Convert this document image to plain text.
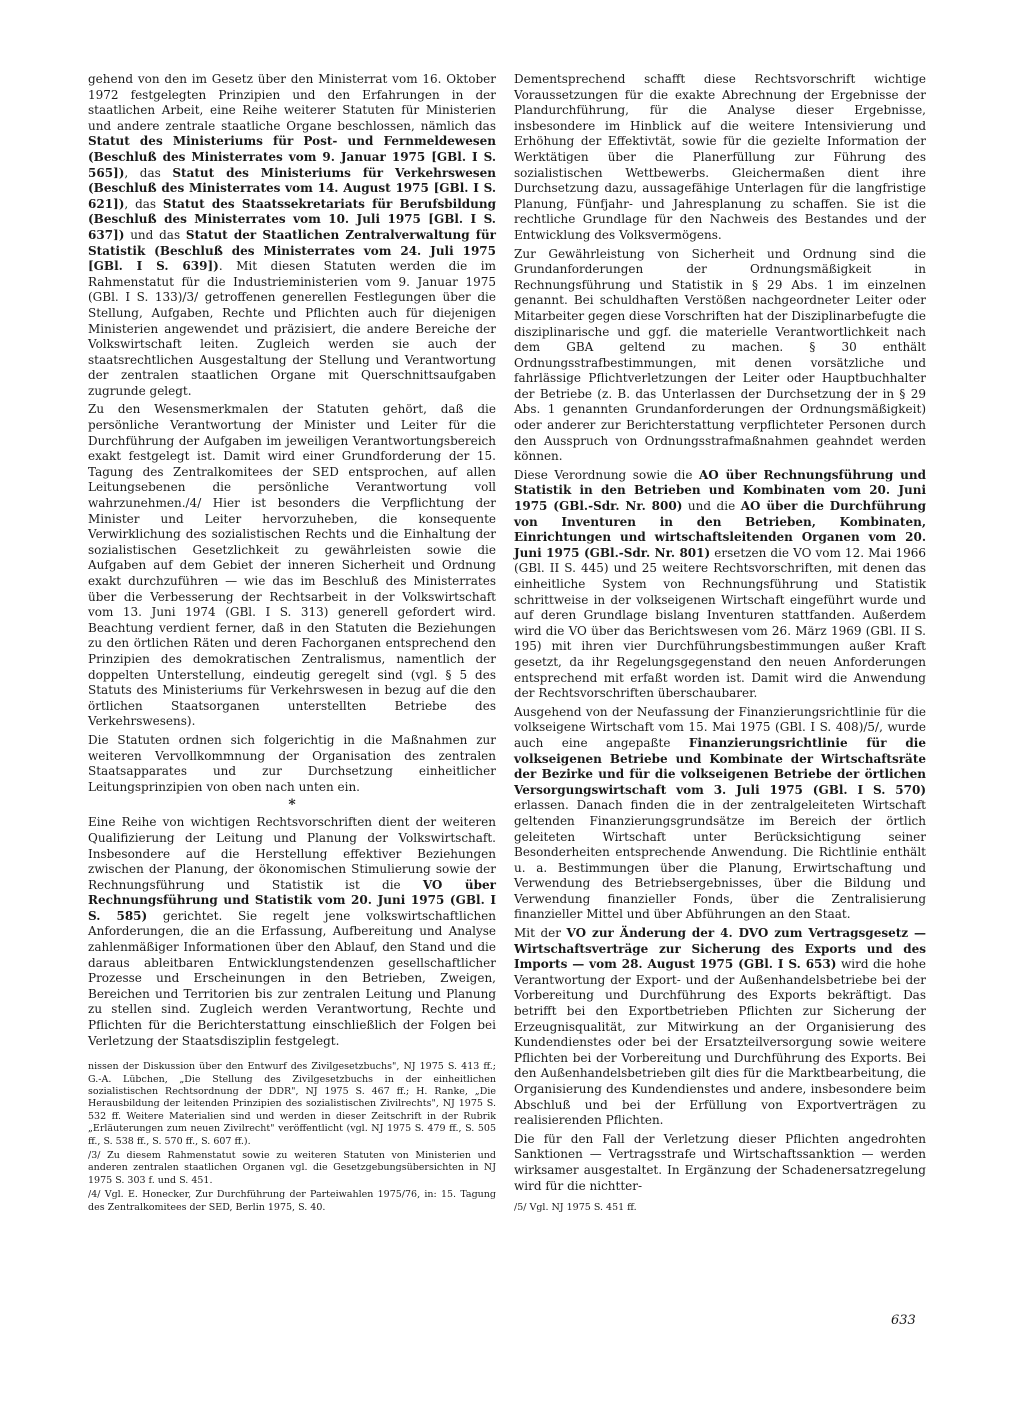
gehend von den im Gesetz über den Ministerrat vom 16. Oktober 1972 festgelegten Prinzipien und den Erfahrungen in der staatlichen Arbeit, eine Reihe weiterer Statuten für Ministerien und andere zentrale staatliche Organe beschlossen, nämlich das Statut des Ministeriums für Post- und Fernmeldewesen (Beschluß des Ministerrates vom 9. Januar 1975 [GBl. I S. 565]), das Statut des Ministeriums für Verkehrswesen (Beschluß des Ministerrates vom 14. August 1975 [GBl. I S. 621]), das Statut des Staatssekretariats für Berufsbildung (Beschluß des Ministerrates vom 10. Juli 1975 [GBl. I S. 637]) und das Statut der Staatlichen Zentralverwaltung für Statistik (Beschluß des Ministerrates vom 24. Juli 1975 [GBl. I S. 639]). Mit diesen Statuten werden die im Rahmenstatut für die Industrieministerien vom 9. Januar 1975 (GBl. I S. 133)/3/ getroffenen generellen Festlegungen über die Stellung, Aufgaben, Rechte und Pflichten auch für diejenigen Ministerien angewendet und präzisiert, die andere Bereiche der Volkswirtschaft leiten. Zugleich werden sie auch der staatsrechtlichen Ausgestaltung der Stellung und Verantwortung der zentralen staatlichen Organe mit Querschnittsaufgaben zugrunde gelegt.

Zu den Wesensmerkmalen der Statuten gehört, daß die persönliche Verantwortung der Minister und Leiter für die Durchführung der Aufgaben im jeweiligen Verantwortungsbereich exakt festgelegt ist. Damit wird einer Grundforderung der 15. Tagung des Zentralkomitees der SED entsprochen, auf allen Leitungsebenen die persönliche Verantwortung voll wahrzunehmen./4/ Hier ist besonders die Verpflichtung der Minister und Leiter hervorzuheben, die konsequente Verwirklichung des sozialistischen Rechts und die Einhaltung der sozialistischen Gesetzlichkeit zu gewährleisten sowie die Aufgaben auf dem Gebiet der inneren Sicherheit und Ordnung exakt durchzuführen — wie das im Beschluß des Ministerrates über die Verbesserung der Rechtsarbeit in der Volkswirtschaft vom 13. Juni 1974 (GBl. I S. 313) generell gefordert wird. Beachtung verdient ferner, daß in den Statuten die Beziehungen zu den örtlichen Räten und deren Fachorganen entsprechend den Prinzipien des demokratischen Zentralismus, namentlich der doppelten Unterstellung, eindeutig geregelt sind (vgl. § 5 des Statuts des Ministeriums für Verkehrswesen in bezug auf die den örtlichen Staatsorganen unterstellten Betriebe des Verkehrswesens).

Die Statuten ordnen sich folgerichtig in die Maßnahmen zur weiteren Vervollkommnung der Organisation des zentralen Staatsapparates und zur Durchsetzung einheitlicher Leitungsprinzipien von oben nach unten ein.

*

Eine Reihe von wichtigen Rechtsvorschriften dient der weiteren Qualifizierung der Leitung und Planung der Volkswirtschaft. Insbesondere auf die Herstellung effektiver Beziehungen zwischen der Planung, der ökonomischen Stimulierung sowie der Rechnungsführung und Statistik ist die VO über Rechnungsführung und Statistik vom 20. Juni 1975 (GBl. I S. 585) gerichtet. Sie regelt jene volkswirtschaftlichen Anforderungen, die an die Erfassung, Aufbereitung und Analyse zahlenmäßiger Informationen über den Ablauf, den Stand und die daraus ableitbaren Entwicklungstendenzen gesellschaftlicher Prozesse und Erscheinungen in den Betrieben, Zweigen, Bereichen und Territorien bis zur zentralen Leitung und Planung zu stellen sind. Zugleich werden Verantwortung, Rechte und Pflichten für die Berichterstattung einschließlich der Folgen bei Verletzung der Staatsdisziplin festgelegt.

nissen der Diskussion über den Entwurf des Zivilgesetzbuchs", NJ 1975 S. 413 ff.; G.-A. Lübchen, „Die Stellung des Zivilgesetzbuchs in der einheitlichen sozialistischen Rechtsordnung der DDR", NJ 1975 S. 467 ff.; H. Ranke, „Die Herausbildung der leitenden Prinzipien des sozialistischen Zivilrechts", NJ 1975 S. 532 ff. Weitere Materialien sind und werden in dieser Zeitschrift in der Rubrik „Erläuterungen zum neuen Zivilrecht" veröffentlicht (vgl. NJ 1975 S. 479 ff., S. 505 ff., S. 538 ff., S. 570 ff., S. 607 ff.).

/3/ Zu diesem Rahmenstatut sowie zu weiteren Statuten von Ministerien und anderen zentralen staatlichen Organen vgl. die Gesetzgebungsübersichten in NJ 1975 S. 303 f. und S. 451.

/4/ Vgl. E. Honecker, Zur Durchführung der Parteiwahlen 1975/76, in: 15. Tagung des Zentralkomitees der SED, Berlin 1975, S. 40.

Dementsprechend schafft diese Rechtsvorschrift wichtige Voraussetzungen für die exakte Abrechnung der Ergebnisse der Plandurchführung, für die Analyse dieser Ergebnisse, insbesondere im Hinblick auf die weitere Intensivierung und Erhöhung der Effektivtät, sowie für die gezielte Information der Werktätigen über die Planerfüllung zur Führung des sozialistischen Wettbewerbs. Gleichermaßen dient ihre Durchsetzung dazu, aussagefähige Unterlagen für die langfristige Planung, Fünfjahr- und Jahresplanung zu schaffen. Sie ist die rechtliche Grundlage für den Nachweis des Bestandes und der Entwicklung des Volksvermögens.

Zur Gewährleistung von Sicherheit und Ordnung sind die Grundanforderungen der Ordnungsmäßigkeit in Rechnungsführung und Statistik in § 29 Abs. 1 im einzelnen genannt. Bei schuldhaften Verstößen nachgeordneter Leiter oder Mitarbeiter gegen diese Vorschriften hat der Disziplinarbefugte die disziplinarische und ggf. die materielle Verantwortlichkeit nach dem GBA geltend zu machen. § 30 enthält Ordnungsstrafbestimmungen, mit denen vorsätzliche und fahrlässige Pflichtverletzungen der Leiter oder Hauptbuchhalter der Betriebe (z. B. das Unterlassen der Durchsetzung der in § 29 Abs. 1 genannten Grundanforderungen der Ordnungsmäßigkeit) oder anderer zur Berichterstattung verpflichteter Personen durch den Ausspruch von Ordnungsstrafmaßnahmen geahndet werden können.

Diese Verordnung sowie die AO über Rechnungsführung und Statistik in den Betrieben und Kombinaten vom 20. Juni 1975 (GBl.-Sdr. Nr. 800) und die AO über die Durchführung von Inventuren in den Betrieben, Kombinaten, Einrichtungen und wirtschaftsleitenden Organen vom 20. Juni 1975 (GBl.-Sdr. Nr. 801) ersetzen die VO vom 12. Mai 1966 (GBl. II S. 445) und 25 weitere Rechtsvorschriften, mit denen das einheitliche System von Rechnungsführung und Statistik schrittweise in der volkseigenen Wirtschaft eingeführt wurde und auf deren Grundlage bislang Inventuren stattfanden. Außerdem wird die VO über das Berichtswesen vom 26. März 1969 (GBl. II S. 195) mit ihren vier Durchführungsbestimmungen außer Kraft gesetzt, da ihr Regelungsgegenstand den neuen Anforderungen entsprechend mit erfaßt worden ist. Damit wird die Anwendung der Rechtsvorschriften überschaubarer.

Ausgehend von der Neufassung der Finanzierungsrichtlinie für die volkseigene Wirtschaft vom 15. Mai 1975 (GBl. I S. 408)/5/, wurde auch eine angepaßte Finanzierungsrichtlinie für die volkseigenen Betriebe und Kombinate der Wirtschaftsräte der Bezirke und für die volkseigenen Betriebe der örtlichen Versorgungswirtschaft vom 3. Juli 1975 (GBl. I S. 570) erlassen. Danach finden die in der zentralgeleiteten Wirtschaft geltenden Finanzierungsgrundsätze im Bereich der örtlich geleiteten Wirtschaft unter Berücksichtigung seiner Besonderheiten entsprechende Anwendung. Die Richtlinie enthält u. a. Bestimmungen über die Planung, Erwirtschaftung und Verwendung des Betriebsergebnisses, über die Bildung und Verwendung finanzieller Fonds, über die Zentralisierung finanzieller Mittel und über Abführungen an den Staat.

Mit der VO zur Änderung der 4. DVO zum Vertragsgesetz — Wirtschaftsverträge zur Sicherung des Exports und des Imports — vom 28. August 1975 (GBl. I S. 653) wird die hohe Verantwortung der Export- und der Außenhandelsbetriebe bei der Vorbereitung und Durchführung des Exports bekräftigt. Das betrifft bei den Exportbetrieben Pflichten zur Sicherung der Erzeugnisqualität, zur Mitwirkung an der Organisierung des Kundendienstes oder bei der Ersatzteilversorgung sowie weitere Pflichten bei der Vorbereitung und Durchführung des Exports. Bei den Außenhandelsbetrieben gilt dies für die Marktbearbeitung, die Organisierung des Kundendienstes und andere, insbesondere beim Abschluß und bei der Erfüllung von Exportverträgen zu realisierenden Pflichten.

Die für den Fall der Verletzung dieser Pflichten angedrohten Sanktionen — Vertragsstrafe und Wirtschaftssanktion — werden wirksamer ausgestaltet. In Ergänzung der Schadenersatzregelung wird für die nichtter-

/5/ Vgl. NJ 1975 S. 451 ff.

633
